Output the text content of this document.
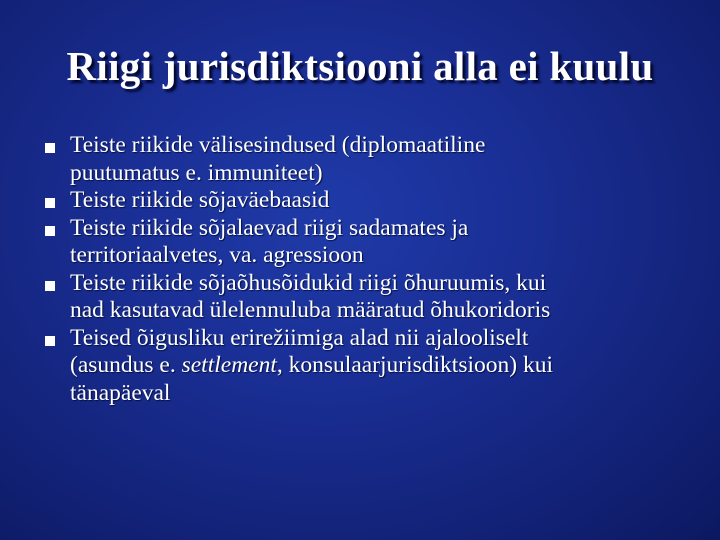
Riigi jurisdiktsiooni alla ei kuulu
Teiste riikide välisesindused (diplomaatiline
puutumatus e. immuniteet)
Teiste riikide sõjaväebaasid
Teiste riikide sõjalaevad riigi sadamates ja
territoriaalvetes, va. agressioon
Teiste riikide sõjaõhusõidukid riigi õhuruumis, kui
nad kasutavad ülelennuluba määratud õhukoridoris
Teised õigusliku erirežiimiga alad nii ajalooliselt
(asundus e. settlement, konsulaarjurisdiktsioon) kui
tänapäeval
